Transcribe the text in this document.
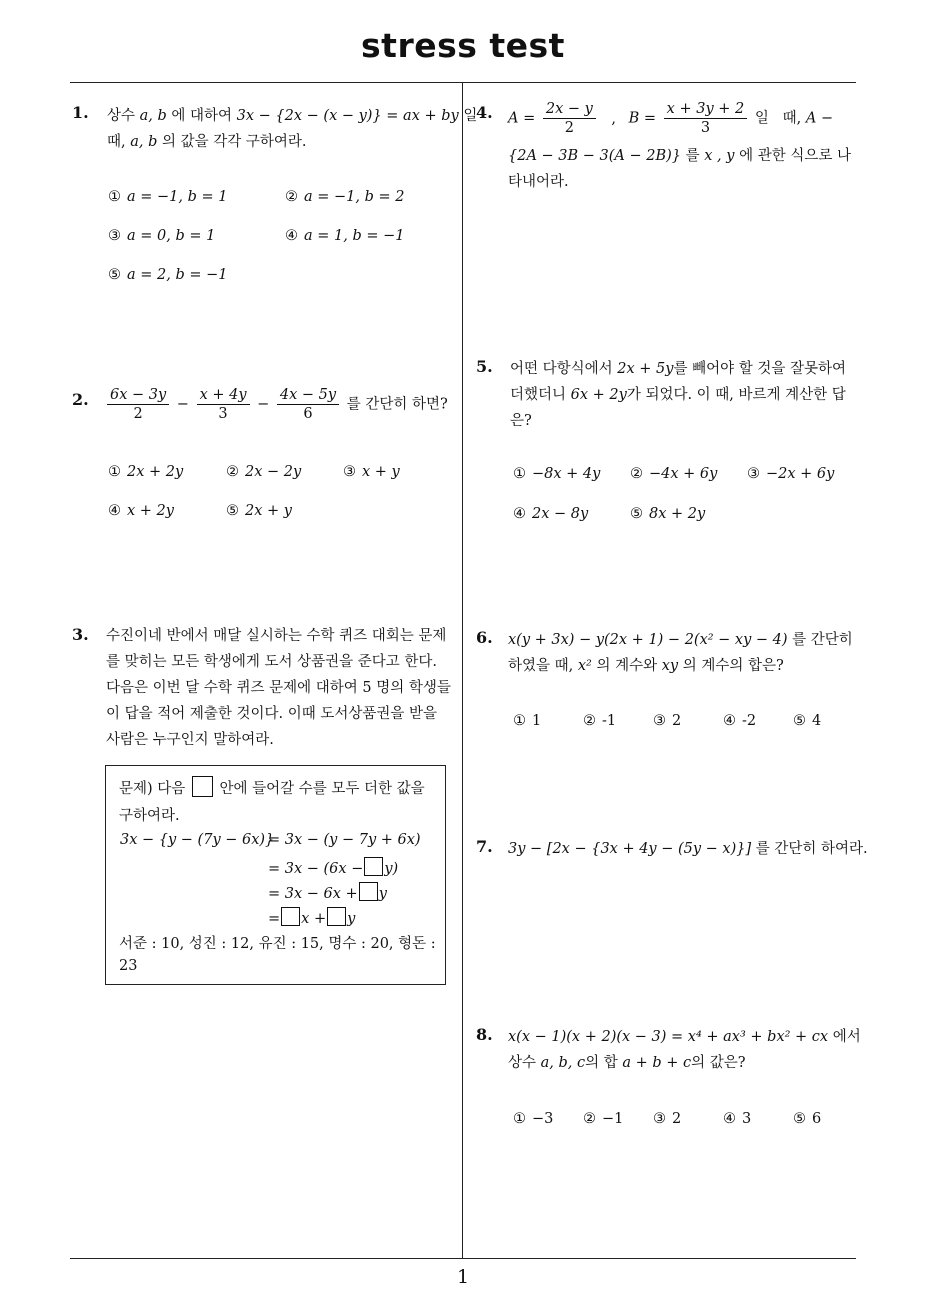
stress test
1
1. 상수 a, b 에 대하여 3x − {2x − (x − y)} = ax + by 일
때, a, b 의 값을 각각 구하여라.
① a = −1, b = 1	② a = −1, b = 2
③ a = 0, b = 1	④ a = 1, b = −1
⑤ a = 2, b = −1
2. $\frac{6x - 3y}{2} - \frac{x + 4y}{3} - \frac{4x - 5y}{6}$ 를 간단히 하면?
① 2x + 2y	② 2x − 2y	③ x + y
④ x + 2y	⑤ 2x + y
3. 수진이네 반에서 매달 실시하는 수학 퀴즈 대회는 문제
를 맞히는 모든 학생에게 도서 상품권을 준다고 한다.
다음은 이번 달 수학 퀴즈 문제에 대하여 5 명의 학생들
이 답을 적어 제출한 것이다. 이때 도서상품권을 받을
사람은 누구인지 말하여라.
문제) 다음 안에 들어갈 수를 모두 더한 값을
구하여라.
3x − {y − (7y − 6x)}
= 3x − (y − 7y + 6x)
= 3x − (6x − y)
= 3x − 6x + y
= x + y
서준 : 10, 성진 : 12, 유진 : 15, 명수 : 20, 형돈 :
23
4. $A = \frac{2x - y}{2}$ , $B = \frac{x + 3y + 2}{3}$ 일   때, A −
{2A − 3B − 3(A − 2B)} 를 x , y 에 관한 식으로 나
타내어라.
5. 어떤 다항식에서 2x + 5y를 빼어야 할 것을 잘못하여
더했더니 6x + 2y가 되었다. 이 때, 바르게 계산한 답
은?
① −8x + 4y ② −4x + 6y ③ −2x + 6y
④ 2x − 8y	⑤ 8x + 2y
6. x(y + 3x) − y(2x + 1) − 2(x² − xy − 4) 를 간단히
하였을 때, x² 의 계수와 xy 의 계수의 합은?
① 1	② -1	③ 2	④ -2	⑤ 4
7. 3y − [2x − {3x + 4y − (5y − x)}] 를 간단히 하여라.
8. x(x − 1)(x + 2)(x − 3) = x⁴ + ax³ + bx² + cx 에서
상수 a, b, c의 합 a + b + c의 값은?
① −3 ② −1 ③ 2	④ 3	⑤ 6
